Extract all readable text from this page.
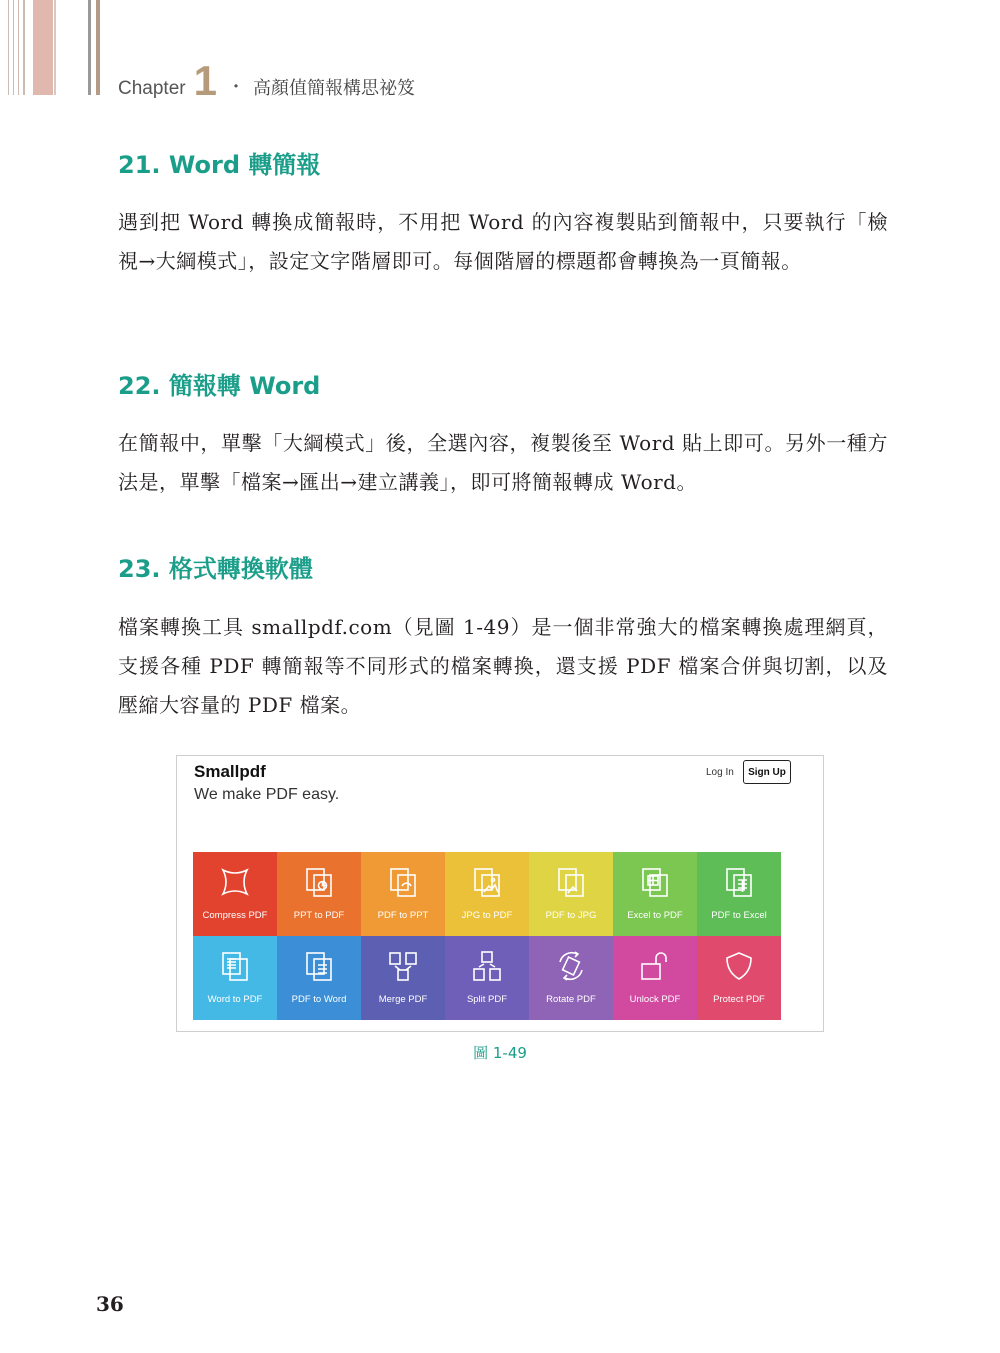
Chapter 1 ・ 高顏值簡報構思祕笈
21. Word 轉簡報

遇到把 Word 轉換成簡報時，不用把 Word 的內容複製貼到簡報中，只要執行「檢視→大綱模式」，設定文字階層即可。每個階層的標題都會轉換為一頁簡報。

22. 簡報轉 Word

在簡報中，單擊「大綱模式」後，全選內容，複製後至 Word 貼上即可。另外一種方法是，單擊「檔案→匯出→建立講義」，即可將簡報轉成 Word。

23. 格式轉換軟體

檔案轉換工具 smallpdf.com（見圖 1-49）是一個非常強大的檔案轉換處理網頁，支援各種 PDF 轉簡報等不同形式的檔案轉換，還支援 PDF 檔案合併與切割，以及壓縮大容量的 PDF 檔案。

Smallpdf
We make PDF easy.
Log In	Sign Up
Compress PDF	PPT to PDF	PDF to PPT	JPG to PDF	PDF to JPG	Excel to PDF	PDF to Excel
Word to PDF	PDF to Word	Merge PDF	Split PDF	Rotate PDF	Unlock PDF	Protect PDF
圖 1-49
36
